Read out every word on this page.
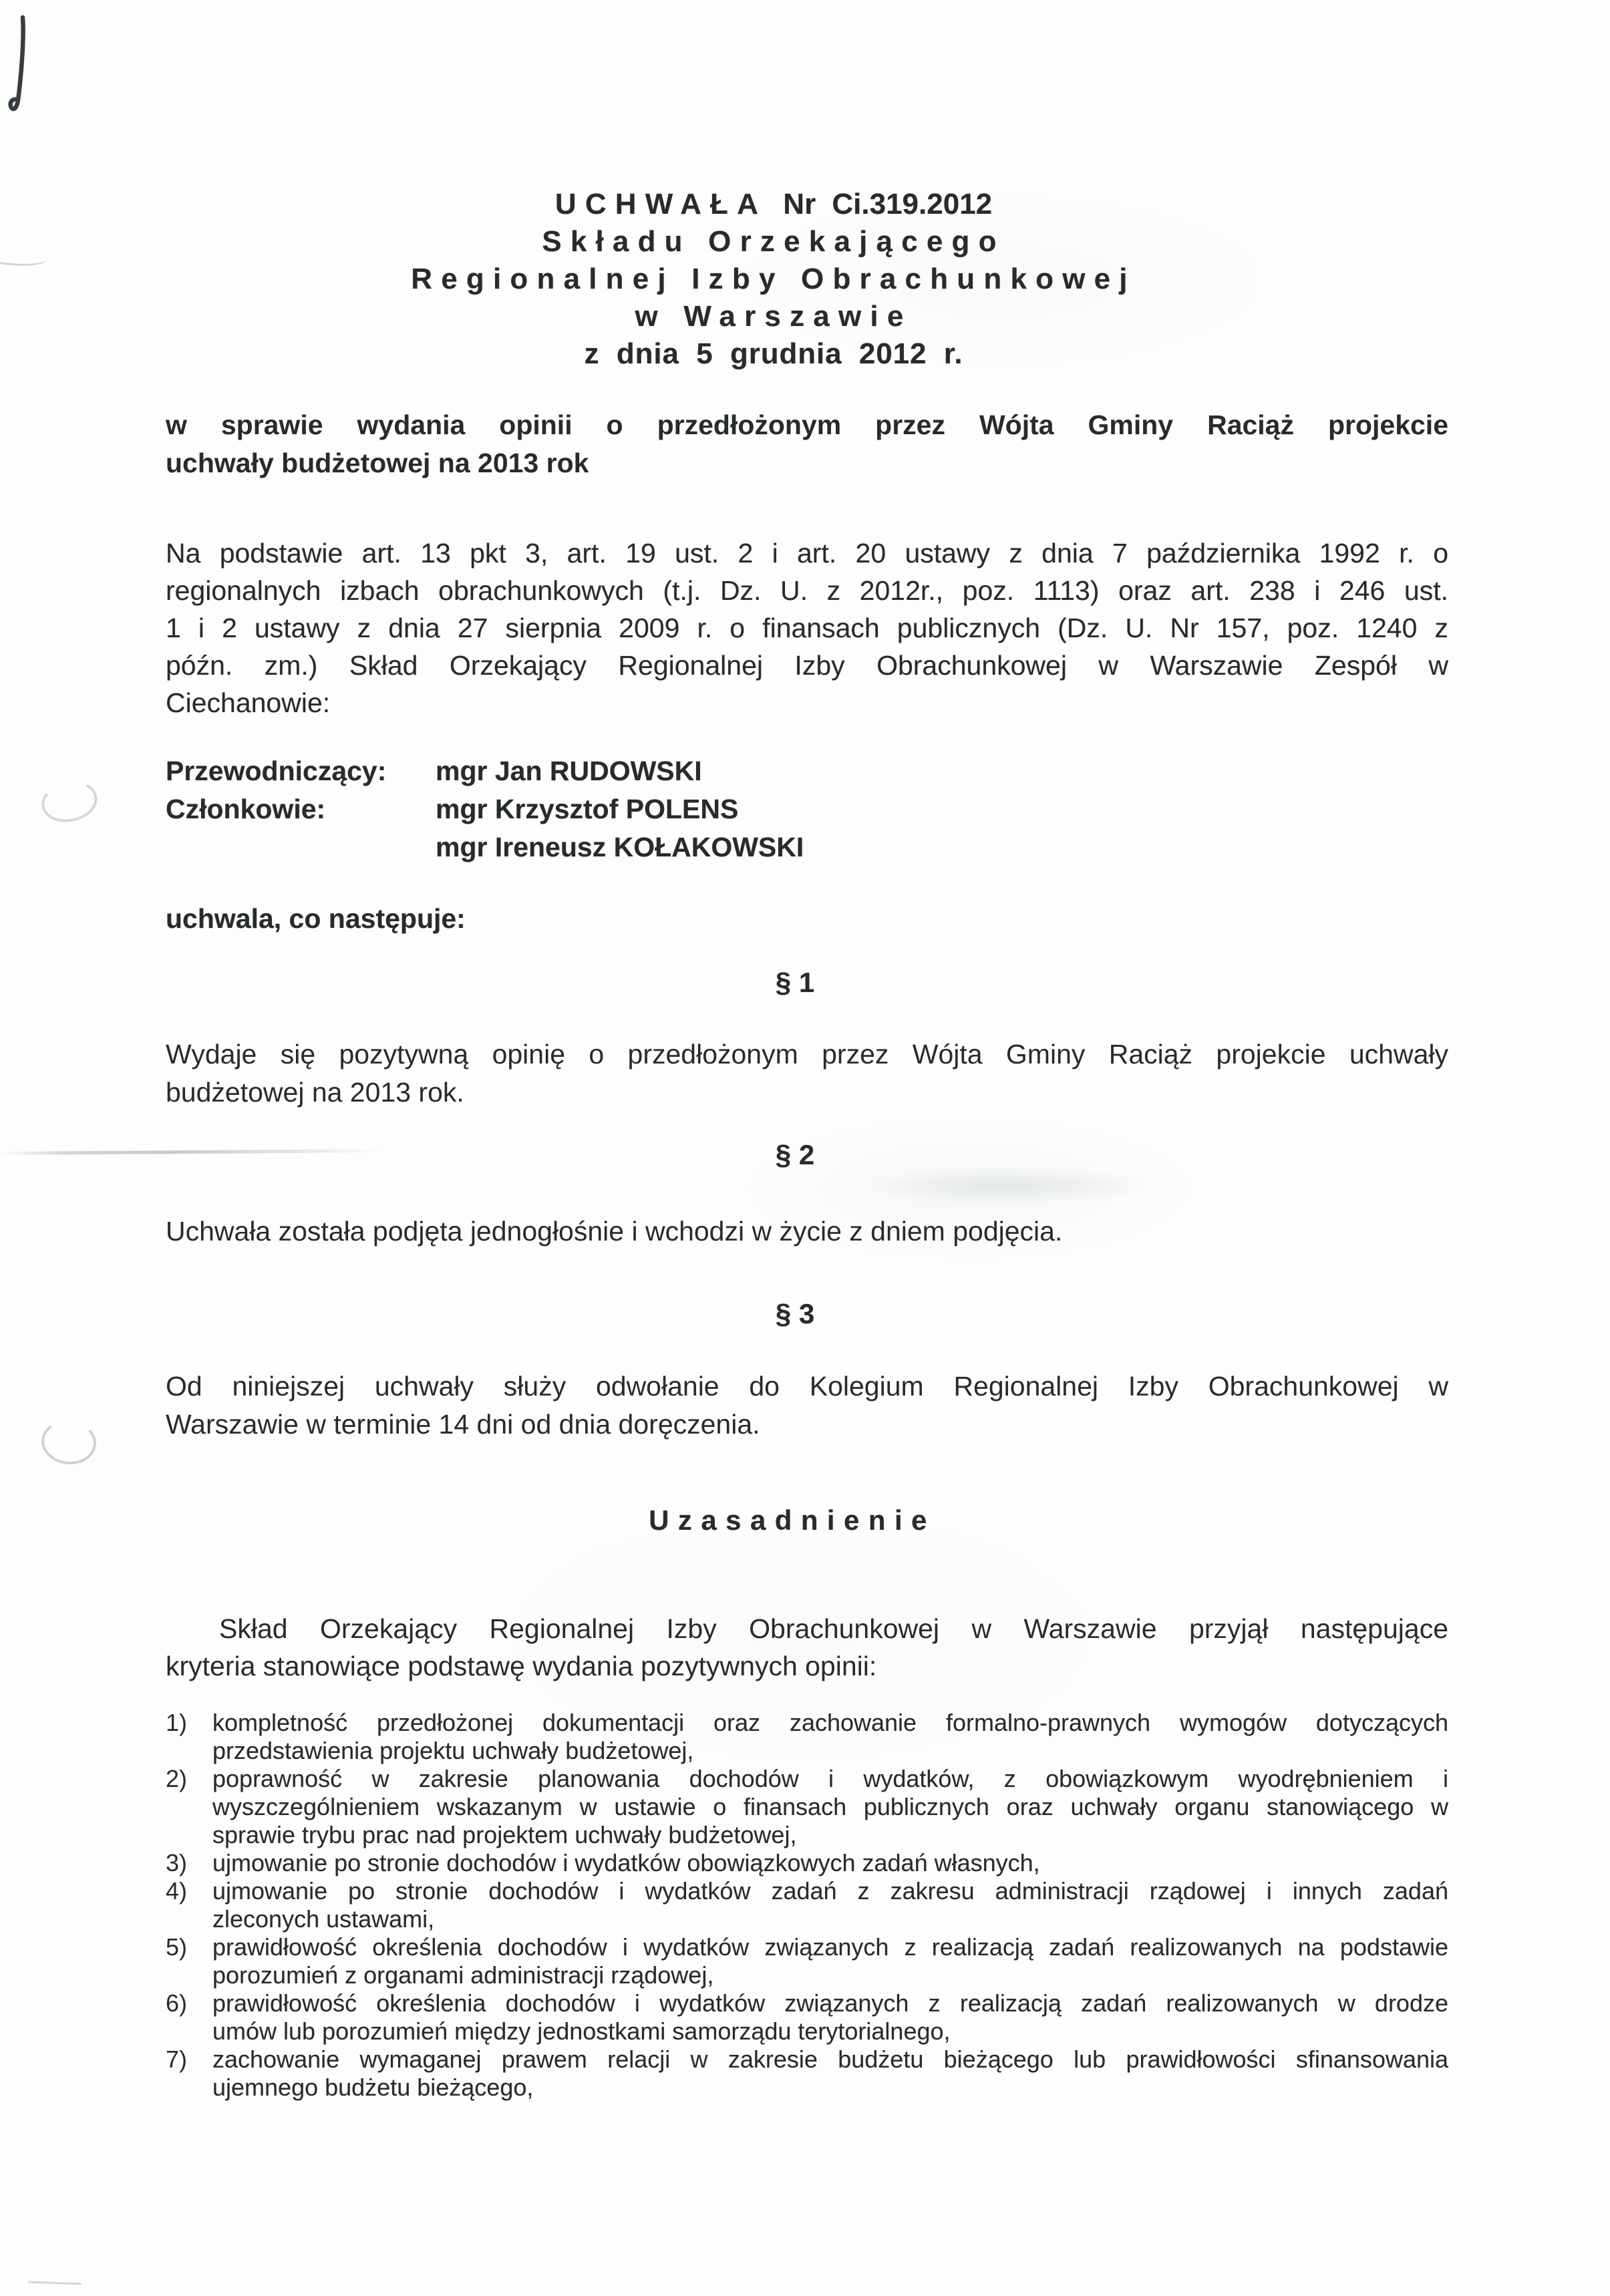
UCHWAŁA Nr Ci.319.2012
Składu Orzekającego
Regionalnej Izby Obrachunkowej
w Warszawie
z dnia 5 grudnia 2012 r.
w sprawie wydania opinii o przedłożonym przez Wójta Gminy Raciąż projekcie
uchwały budżetowej na 2013 rok
Na podstawie art. 13 pkt 3, art. 19 ust. 2 i art. 20 ustawy z dnia 7 października 1992 r. o
regionalnych izbach obrachunkowych (t.j. Dz. U. z 2012r., poz. 1113) oraz art. 238 i 246 ust.
1 i 2 ustawy z dnia 27 sierpnia 2009 r. o finansach publicznych (Dz. U. Nr 157, poz. 1240 z
późn. zm.) Skład Orzekający Regionalnej Izby Obrachunkowej w Warszawie Zespół w
Ciechanowie:
Przewodniczący: mgr Jan RUDOWSKI
Członkowie:	mgr Krzysztof POLENS
mgr Ireneusz KOŁAKOWSKI
uchwala, co następuje:
§ 1
Wydaje się pozytywną opinię o przedłożonym przez Wójta Gminy Raciąż projekcie uchwały
budżetowej na 2013 rok.
§ 2
Uchwała została podjęta jednogłośnie i wchodzi w życie z dniem podjęcia.
§ 3
Od niniejszej uchwały służy odwołanie do Kolegium Regionalnej Izby Obrachunkowej w
Warszawie w terminie 14 dni od dnia doręczenia.
Uzasadnienie
Skład Orzekający Regionalnej Izby Obrachunkowej w Warszawie przyjął następujące
kryteria stanowiące podstawę wydania pozytywnych opinii:
1) kompletność przedłożonej dokumentacji oraz zachowanie formalno-prawnych wymogów dotyczących
przedstawienia projektu uchwały budżetowej,
2) poprawność w zakresie planowania dochodów i wydatków, z obowiązkowym wyodrębnieniem i
wyszczególnieniem wskazanym w ustawie o finansach publicznych oraz uchwały organu stanowiącego w
sprawie trybu prac nad projektem uchwały budżetowej,
3) ujmowanie po stronie dochodów i wydatków obowiązkowych zadań własnych,
4) ujmowanie po stronie dochodów i wydatków zadań z zakresu administracji rządowej i innych zadań
zleconych ustawami,
5) prawidłowość określenia dochodów i wydatków związanych z realizacją zadań realizowanych na podstawie
porozumień z organami administracji rządowej,
6) prawidłowość określenia dochodów i wydatków związanych z realizacją zadań realizowanych w drodze
umów lub porozumień między jednostkami samorządu terytorialnego,
7) zachowanie wymaganej prawem relacji w zakresie budżetu bieżącego lub prawidłowości sfinansowania
ujemnego budżetu bieżącego,
